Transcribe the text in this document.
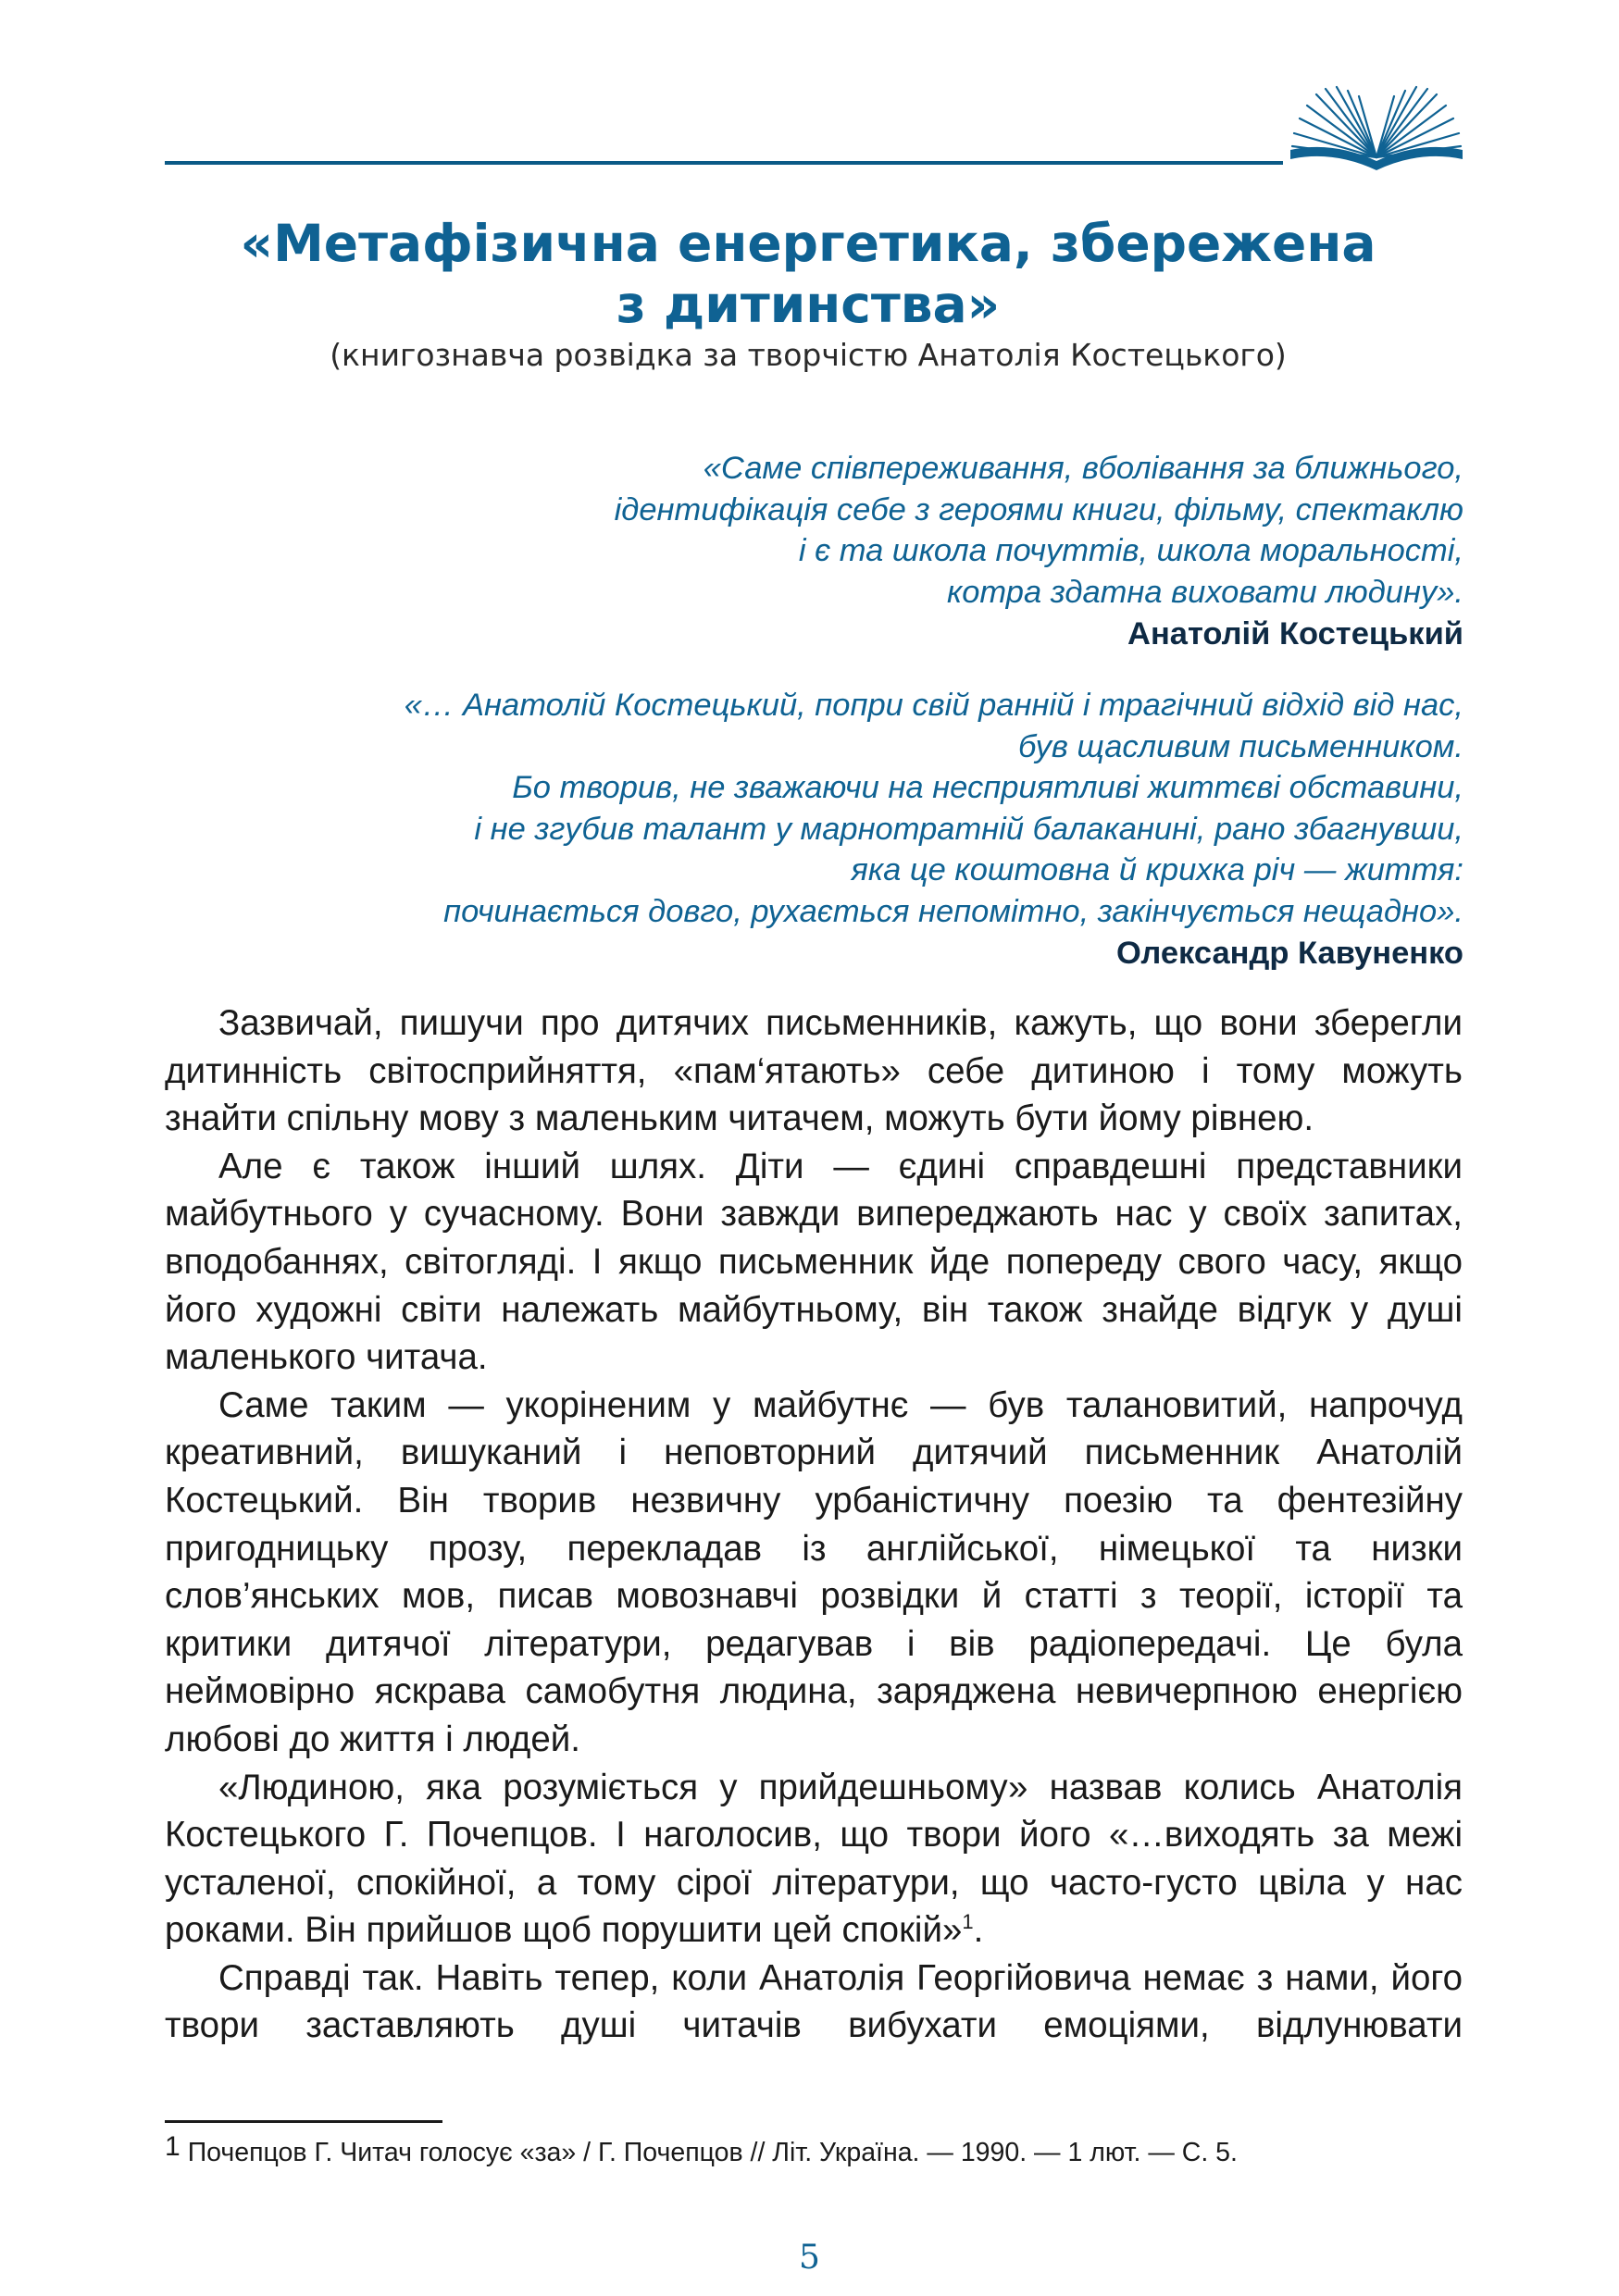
«Метафізична енергетика, збережена
з дитинства»

(книгознавча розвідка за творчістю Анатолія Костецького)

«Саме співпереживання, вболівання за ближнього,
ідентифікація себе з героями книги, фільму, спектаклю
і є та школа почуттів, школа моральності,
котра здатна виховати людину».
Анатолій Костецький
«… Анатолій Костецький, попри свій ранній і трагічний відхід від нас,
був щасливим письменником.
Бо творив, не зважаючи на несприятливі життєві обставини,
і не згубив талант у марнотратній балаканині, рано збагнувши,
яка це коштовна й крихка річ — життя:
починається довго, рухається непомітно, закінчується нещадно».
Олександр Кавуненко

Зазвичай, пишучи про дитячих письменників, кажуть, що вони зберегли дитинність світосприйняття, «пам‘ятають» себе дитиною і тому можуть знайти спільну мову з маленьким читачем, можуть бути йому рівнею.

Але є також інший шлях. Діти — єдині справдешні представники майбутнього у сучасному. Вони завжди випереджають нас у своїх запитах, вподобаннях, світогляді. І якщо письменник йде попереду свого часу, якщо його художні світи належать майбутньому, він також знайде відгук у душі маленького читача.

Саме таким — укоріненим у майбутнє — був талановитий, напрочуд креативний, вишуканий і неповторний дитячий письменник Анатолій Костецький. Він творив незвичну урбаністичну поезію та фентезійну пригодницьку прозу, перекладав із англійської, німецької та низки слов’янських мов, писав мовознавчі розвідки й статті з теорії, історії та критики дитячої літератури, редагував і вів радіопередачі. Це була неймовірно яскрава самобутня людина, заряджена невичерпною енергією любові до життя і людей.

«Людиною, яка розуміється у прийдешньому» назвав колись Анатолія Костецького Г. Почепцов. І наголосив, що твори його «…виходять за межі усталеної, спокійної, а тому сірої літератури, що часто-густо цвіла у нас роками. Він прийшов щоб порушити цей спокій»$^1$.

Справді так. Навіть тепер, коли Анатолія Георгійовича немає з нами, його твори заставляють душі читачів вибухати емоціями, відлунювати

1 Почепцов Г. Читач голосує «за» / Г. Почепцов // Літ. Україна. — 1990. — 1 лют. — С. 5.

5
